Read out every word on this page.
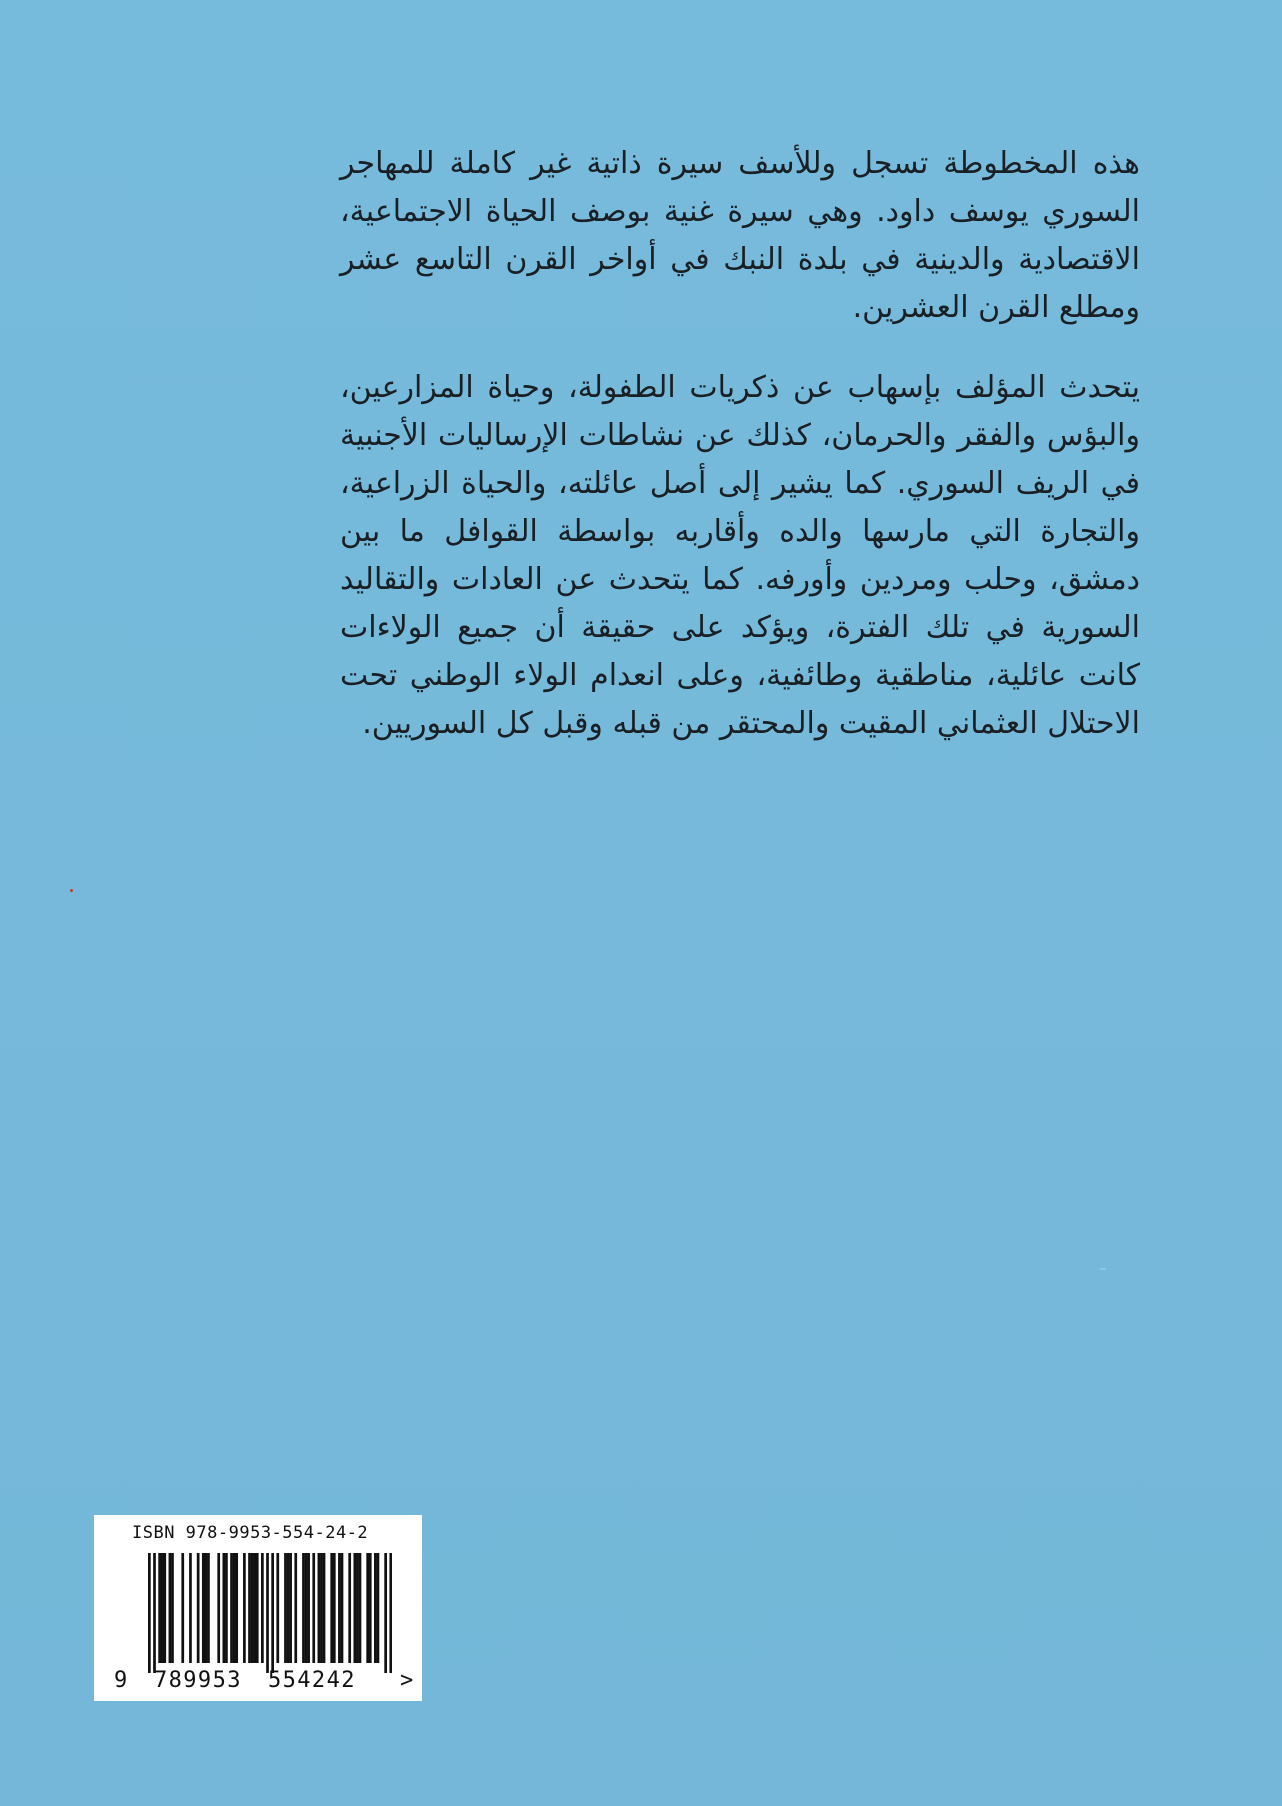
هذه المخطوطة تسجل وللأسف سيرة ذاتية غير كاملة للمهاجر السوري يوسف داود. وهي سيرة غنية بوصف الحياة الاجتماعية، الاقتصادية والدينية في بلدة النبك في أواخر القرن التاسع عشر ومطلع القرن العشرين.

يتحدث المؤلف بإسهاب عن ذكريات الطفولة، وحياة المزارعين، والبؤس والفقر والحرمان، كذلك عن نشاطات الإرساليات الأجنبية في الريف السوري. كما يشير إلى أصل عائلته، والحياة الزراعية، والتجارة التي مارسها والده وأقاربه بواسطة القوافل ما بين دمشق، وحلب ومردين وأورفه. كما يتحدث عن العادات والتقاليد السورية في تلك الفترة، ويؤكد على حقيقة أن جميع الولاءات كانت عائلية، مناطقية وطائفية، وعلى انعدام الولاء الوطني تحت الاحتلال العثماني المقيت والمحتقر من قبله وقبل كل السوريين.

ISBN 978-9953-554-24-2
9 789953 554242 >
